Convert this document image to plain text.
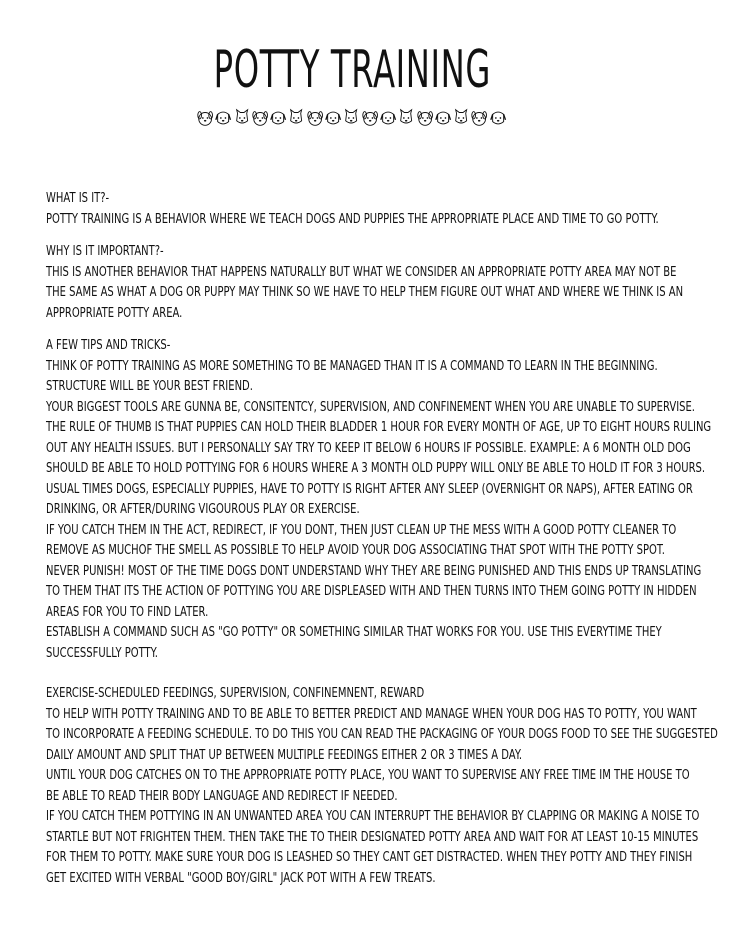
POTTY TRAINING
WHAT IS IT?-
POTTY TRAINING IS A BEHAVIOR WHERE WE TEACH DOGS AND PUPPIES THE APPROPRIATE PLACE AND TIME TO GO POTTY.
WHY IS IT IMPORTANT?-
THIS IS ANOTHER BEHAVIOR THAT HAPPENS NATURALLY BUT WHAT WE CONSIDER AN APPROPRIATE POTTY AREA MAY NOT BE
THE SAME AS WHAT A DOG OR PUPPY MAY THINK SO WE HAVE TO HELP THEM FIGURE OUT WHAT AND WHERE WE THINK IS AN
APPROPRIATE POTTY AREA.
A FEW TIPS AND TRICKS-
THINK OF POTTY TRAINING AS MORE SOMETHING TO BE MANAGED THAN IT IS A COMMAND TO LEARN IN THE BEGINNING.
STRUCTURE WILL BE YOUR BEST FRIEND.
YOUR BIGGEST TOOLS ARE GUNNA BE, CONSITENTCY, SUPERVISION, AND CONFINEMENT WHEN YOU ARE UNABLE TO SUPERVISE.
THE RULE OF THUMB IS THAT PUPPIES CAN HOLD THEIR BLADDER 1 HOUR FOR EVERY MONTH OF AGE, UP TO EIGHT HOURS RULING
OUT ANY HEALTH ISSUES. BUT I PERSONALLY SAY TRY TO KEEP IT BELOW 6 HOURS IF POSSIBLE. EXAMPLE: A 6 MONTH OLD DOG
SHOULD BE ABLE TO HOLD POTTYING FOR 6 HOURS WHERE A 3 MONTH OLD PUPPY WILL ONLY BE ABLE TO HOLD IT FOR 3 HOURS.
USUAL TIMES DOGS, ESPECIALLY PUPPIES, HAVE TO POTTY IS RIGHT AFTER ANY SLEEP (OVERNIGHT OR NAPS), AFTER EATING OR
DRINKING, OR AFTER/DURING VIGOUROUS PLAY OR EXERCISE.
IF YOU CATCH THEM IN THE ACT, REDIRECT, IF YOU DONT, THEN JUST CLEAN UP THE MESS WITH A GOOD POTTY CLEANER TO
REMOVE AS MUCHOF THE SMELL AS POSSIBLE TO HELP AVOID YOUR DOG ASSOCIATING THAT SPOT WITH THE POTTY SPOT.
NEVER PUNISH! MOST OF THE TIME DOGS DONT UNDERSTAND WHY THEY ARE BEING PUNISHED AND THIS ENDS UP TRANSLATING
TO THEM THAT ITS THE ACTION OF POTTYING YOU ARE DISPLEASED WITH AND THEN TURNS INTO THEM GOING POTTY IN HIDDEN
AREAS FOR YOU TO FIND LATER.
ESTABLISH A COMMAND SUCH AS "GO POTTY" OR SOMETHING SIMILAR THAT WORKS FOR YOU. USE THIS EVERYTIME THEY
SUCCESSFULLY POTTY.
EXERCISE-SCHEDULED FEEDINGS, SUPERVISION, CONFINEMNENT, REWARD
TO HELP WITH POTTY TRAINING AND TO BE ABLE TO BETTER PREDICT AND MANAGE WHEN YOUR DOG HAS TO POTTY, YOU WANT
TO INCORPORATE A FEEDING SCHEDULE. TO DO THIS YOU CAN READ THE PACKAGING OF YOUR DOGS FOOD TO SEE THE SUGGESTED
DAILY AMOUNT AND SPLIT THAT UP BETWEEN MULTIPLE FEEDINGS EITHER 2 OR 3 TIMES A DAY.
UNTIL YOUR DOG CATCHES ON TO THE APPROPRIATE POTTY PLACE, YOU WANT TO SUPERVISE ANY FREE TIME IM THE HOUSE TO
BE ABLE TO READ THEIR BODY LANGUAGE AND REDIRECT IF NEEDED.
IF YOU CATCH THEM POTTYING IN AN UNWANTED AREA YOU CAN INTERRUPT THE BEHAVIOR BY CLAPPING OR MAKING A NOISE TO
STARTLE BUT NOT FRIGHTEN THEM. THEN TAKE THE TO THEIR DESIGNATED POTTY AREA AND WAIT FOR AT LEAST 10-15 MINUTES
FOR THEM TO POTTY. MAKE SURE YOUR DOG IS LEASHED SO THEY CANT GET DISTRACTED. WHEN THEY POTTY AND THEY FINISH
GET EXCITED WITH VERBAL "GOOD BOY/GIRL" JACK POT WITH A FEW TREATS.
